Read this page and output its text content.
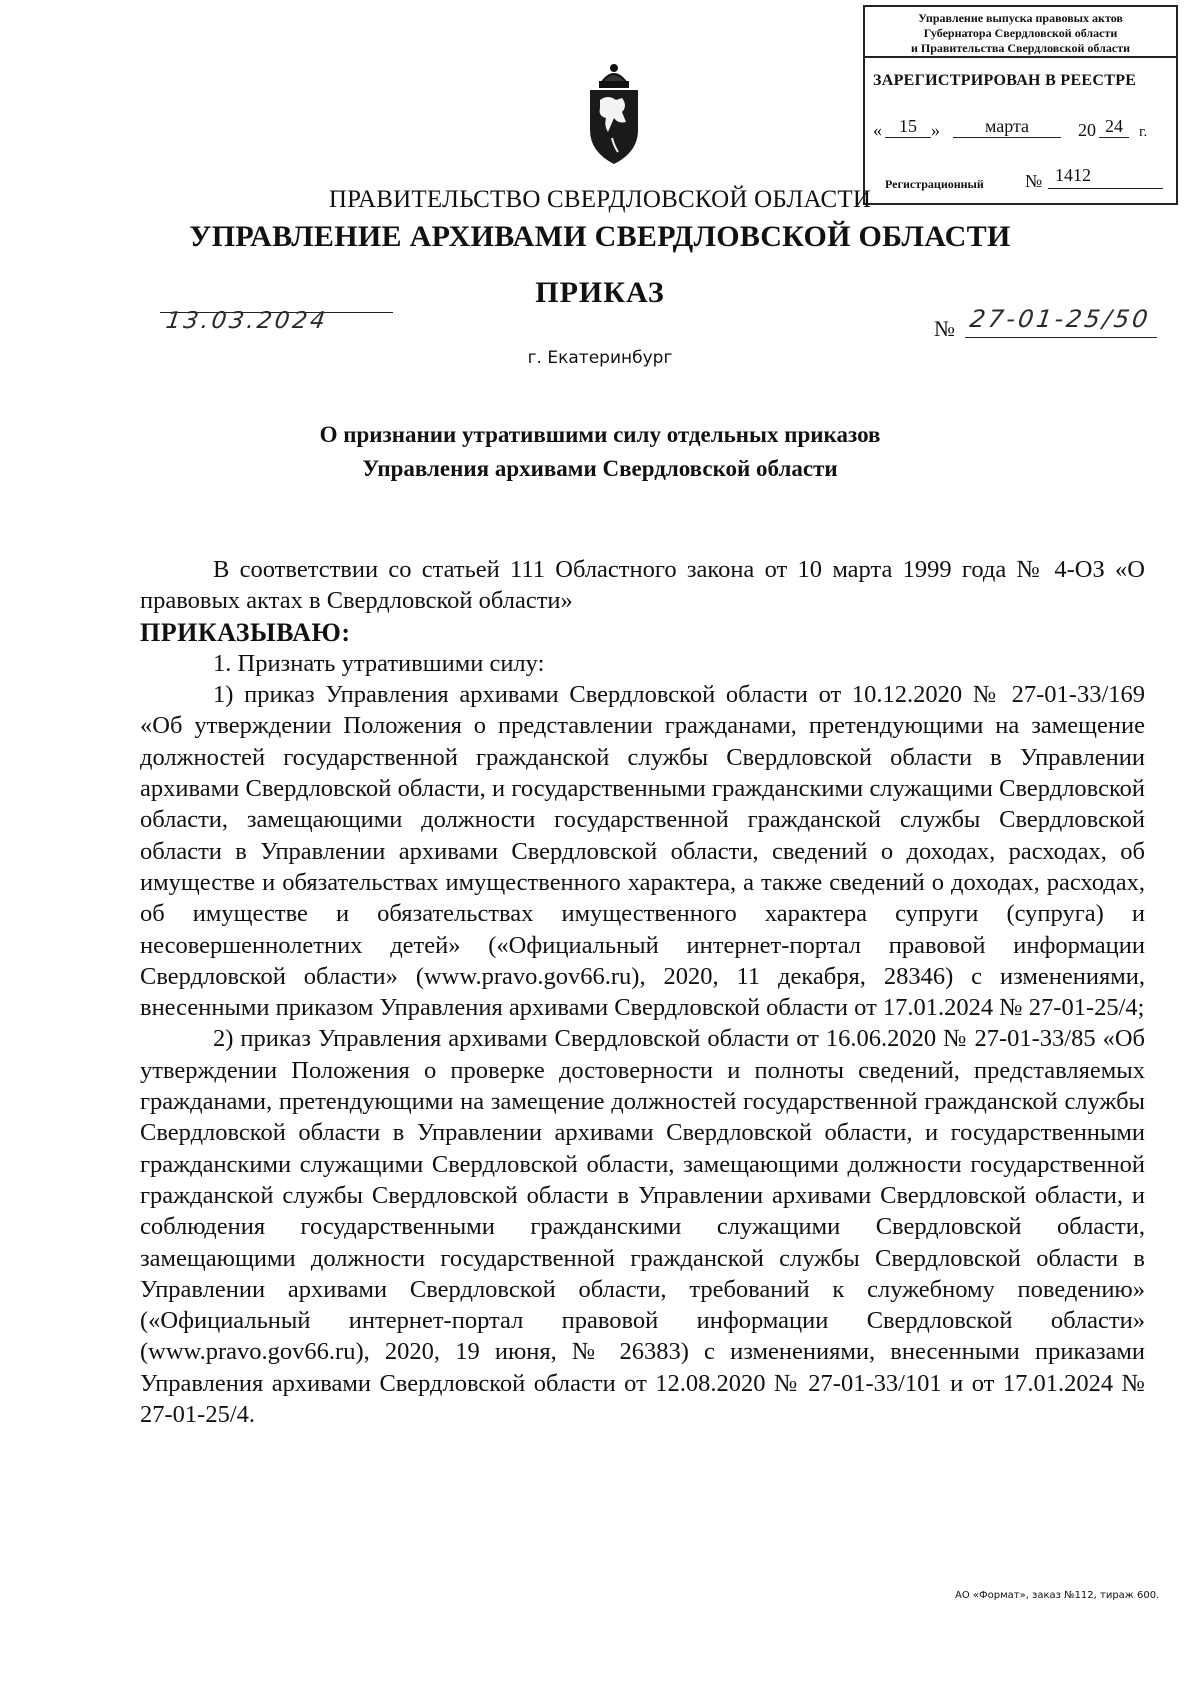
Управление выпуска правовых актов
Губернатора Свердловской области
и Правительства Свердловской области
ЗАРЕГИСТРИРОВАН В РЕЕСТРЕ
« 15 »	марта	20 24	г.
Регистрационный № 1412
ПРАВИТЕЛЬСТВО СВЕРДЛОВСКОЙ ОБЛАСТИ
УПРАВЛЕНИЕ АРХИВАМИ СВЕРДЛОВСКОЙ ОБЛАСТИ
ПРИКАЗ
13.03.2024	№ 27-01-25/50
г. Екатеринбург
О признании утратившими силу отдельных приказов
Управления архивами Свердловской области

В соответствии со статьей 111 Областного закона от 10 марта 1999 года № 4-ОЗ «О правовых актах в Свердловской области»

ПРИКАЗЫВАЮ:

1. Признать утратившими силу:

1) приказ Управления архивами Свердловской области от 10.12.2020 № 27-01-33/169 «Об утверждении Положения о представлении гражданами, претендующими на замещение должностей государственной гражданской службы Свердловской области в Управлении архивами Свердловской области, и государственными гражданскими служащими Свердловской области, замещающими должности государственной гражданской службы Свердловской области в Управлении архивами Свердловской области, сведений о доходах, расходах, об имуществе и обязательствах имущественного характера, а также сведений о доходах, расходах, об имуществе и обязательствах имущественного характера супруги (супруга) и несовершеннолетних детей» («Официальный интернет-портал правовой информации Свердловской области» (www.pravo.gov66.ru), 2020, 11 декабря, 28346) с изменениями, внесенными приказом Управления архивами Свердловской области от 17.01.2024 № 27-01-25/4;

2) приказ Управления архивами Свердловской области от 16.06.2020 № 27-01-33/85 «Об утверждении Положения о проверке достоверности и полноты сведений, представляемых гражданами, претендующими на замещение должностей государственной гражданской службы Свердловской области в Управлении архивами Свердловской области, и государственными гражданскими служащими Свердловской области, замещающими должности государственной гражданской службы Свердловской области в Управлении архивами Свердловской области, и соблюдения государственными гражданскими служащими Свердловской области, замещающими должности государственной гражданской службы Свердловской области в Управлении архивами Свердловской области, требований к служебному поведению» («Официальный интернет-портал правовой информации Свердловской области» (www.pravo.gov66.ru), 2020, 19 июня, № 26383) с изменениями, внесенными приказами Управления архивами Свердловской области от 12.08.2020 № 27-01-33/101 и от 17.01.2024 № 27-01-25/4.

АО «Формат», заказ №112, тираж 600.
